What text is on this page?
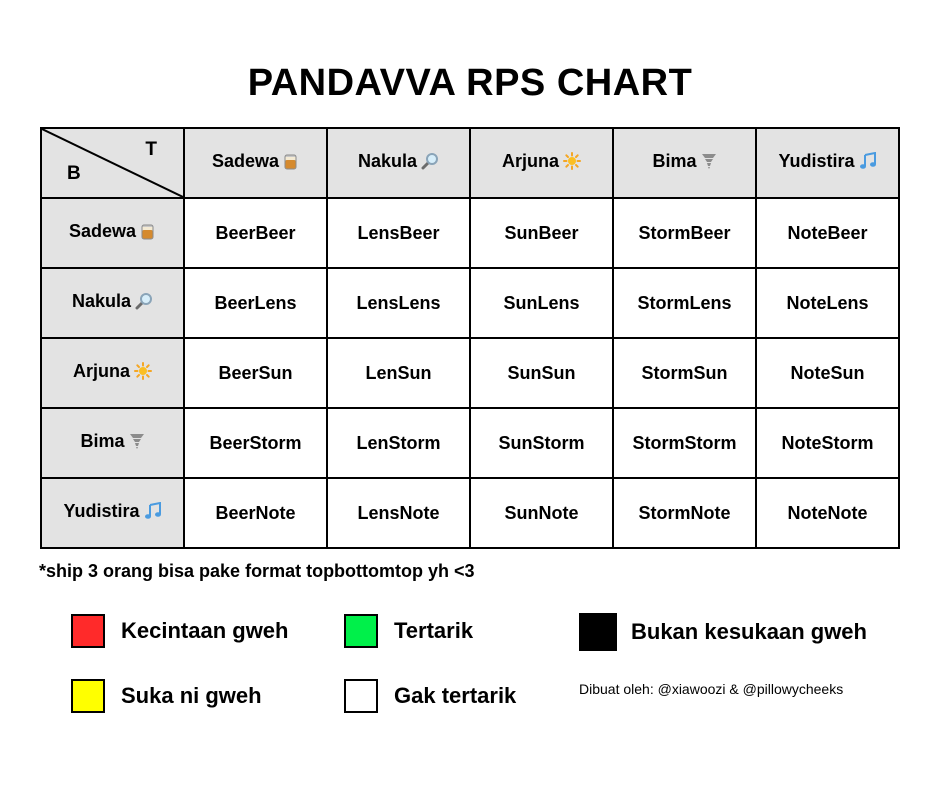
PANDAVVA RPS CHART
T
B	Sadewa	Nakula	Arjuna	Bima	Yudistira
Sadewa	BeerBeer	LensBeer	SunBeer	StormBeer	NoteBeer
Nakula	BeerLens	LensLens	SunLens	StormLens	NoteLens
Arjuna	BeerSun	LenSun	SunSun	StormSun	NoteSun
Bima	BeerStorm	LenStorm	SunStorm	StormStorm	NoteStorm
Yudistira	BeerNote	LensNote	SunNote	StormNote	NoteNote
*ship 3 orang bisa pake format topbottomtop yh <3
Kecintaan gweh	Tertarik	Bukan kesukaan gweh
Suka ni gweh	Gak tertarik	Dibuat oleh: @xiawoozi & @pillowycheeks
